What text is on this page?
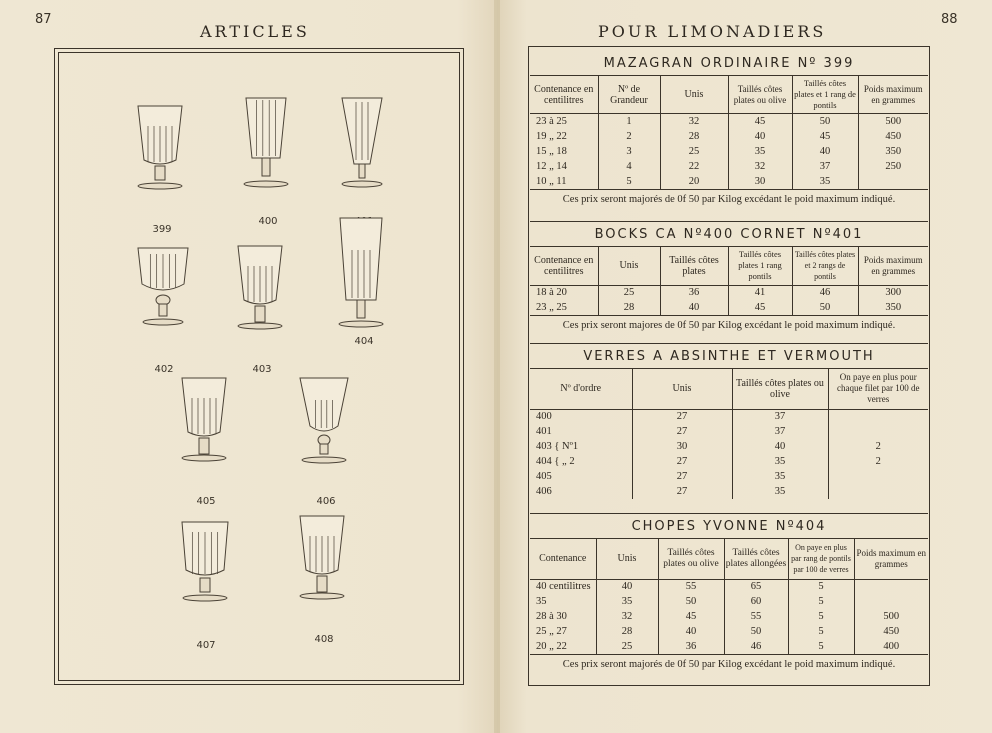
87
ARTICLES
399
400
402	403
404
405	406
407
408
88
POUR LIMONADIERS
MAZAGRAN ORDINAIRE Nº 399
Contenance en centilitres	Nº de Grandeur	Unis	Taillés côtes plates ou olive	Taillés côtes plates et 1 rang de pontils	Poids maximum en grammes
23 à 25	1	32	45	50	500
19 „ 22	2	28	40	45	450
15 „ 18	3	25	35	40	350
12 „ 14	4	22	32	37	250
10 „ 11	5	20	30	35	
Ces prix seront majorés de 0f 50 par Kilog excédant le poid maximum indiqué.
BOCKS CA Nº400 CORNET Nº401
Contenance en centilitres	Unis	Taillés côtes plates	Taillés côtes plates 1 rang pontils	Taillés côtes plates et 2 rangs de pontils	Poids maximum en grammes
18 à 20	25	36	41	46	300
23 „ 25	28	40	45	50	350
Ces prix seront majores de 0f 50 par Kilog excédant le poid maximum indiqué.
VERRES A ABSINTHE ET VERMOUTH
Nº d'ordre	Unis	Taillés côtes plates ou olive	On paye en plus pour chaque filet par 100 de verres
400	27	37	
401	27	37	
403 { Nº1	30	40	2
404 { „ 2	27	35	2
405	27	35	
406	27	35	
CHOPES YVONNE Nº404
Contenance	Unis	Taillés côtes plates ou olive	Taillés côtes plates allongées	On paye en plus par rang de pontils par 100 de verres	Poids maximum en grammes
40 centilitres	40	55	65	5	
35	35	50	60	5	
28 à 30	32	45	55	5	500
25 „ 27	28	40	50	5	450
20 „ 22	25	36	46	5	400
Ces prix seront majorés de 0f 50 par Kilog excédant le poid maximum indiqué.
